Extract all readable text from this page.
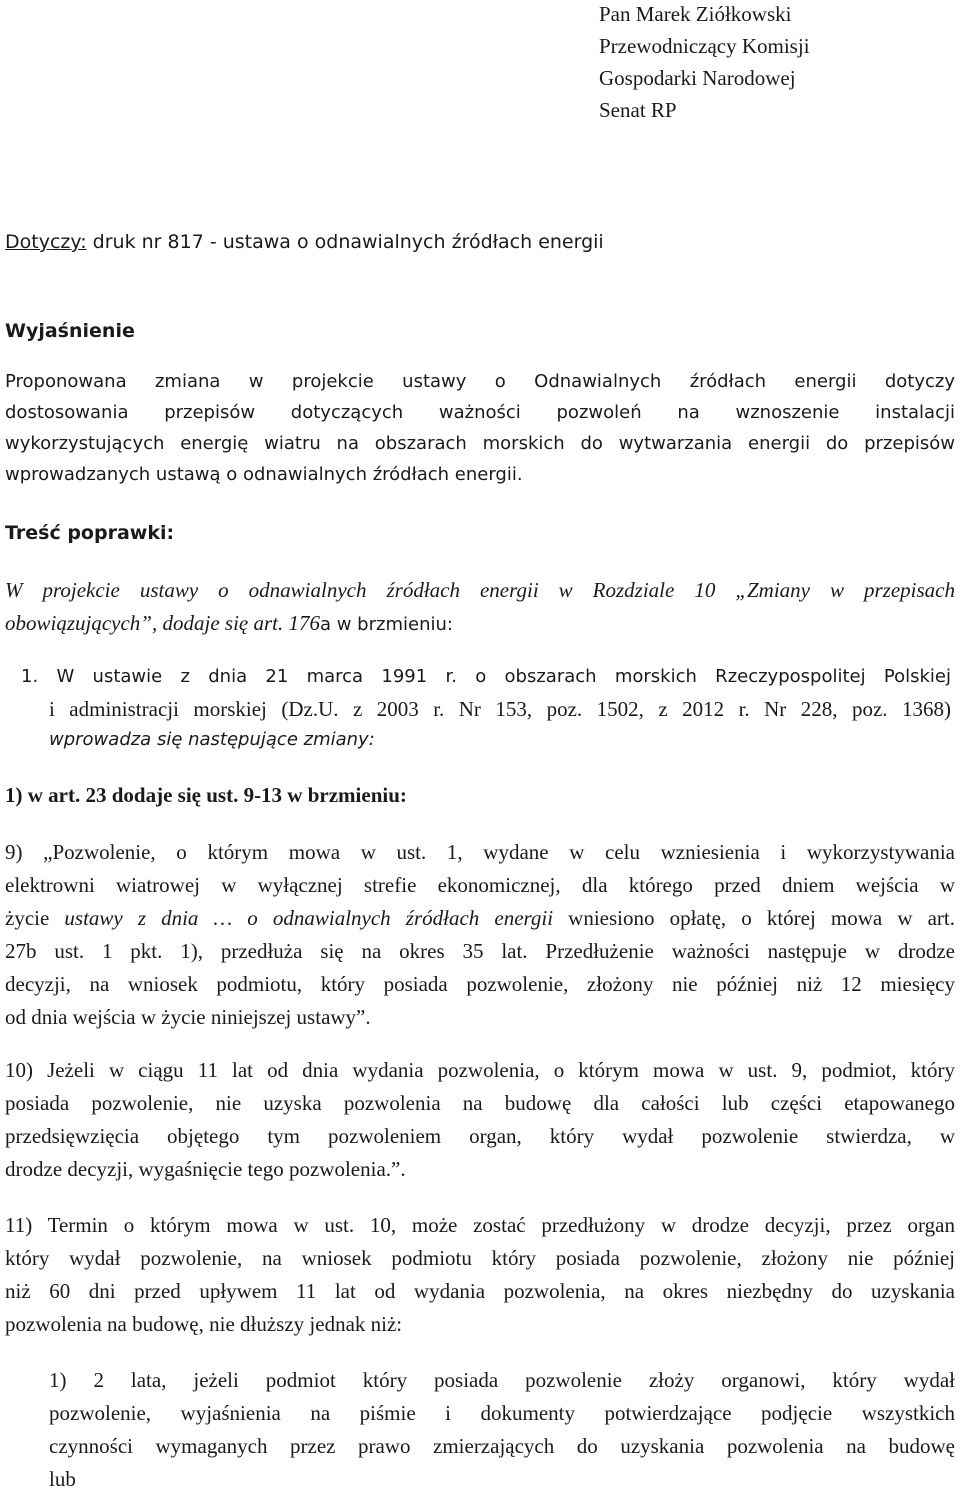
Pan Marek Ziółkowski
Przewodniczący Komisji
Gospodarki Narodowej
Senat RP
Dotyczy: druk nr 817 - ustawa o odnawialnych źródłach energii
Wyjaśnienie
Proponowana zmiana w projekcie ustawy o Odnawialnych źródłach energii dotyczy
dostosowania przepisów dotyczących ważności pozwoleń na wznoszenie instalacji
wykorzystujących energię wiatru na obszarach morskich do wytwarzania energii do przepisów
wprowadzanych ustawą o odnawialnych źródłach energii.
Treść poprawki:
W projekcie ustawy o odnawialnych źródłach energii w Rozdziale 10 „Zmiany w przepisach
obowiązujących”, dodaje się art. 176a w brzmieniu:
1. W ustawie z dnia 21 marca 1991 r. o obszarach morskich Rzeczypospolitej Polskiej
i administracji morskiej (Dz.U. z 2003 r. Nr 153, poz. 1502, z 2012 r. Nr 228, poz. 1368)
wprowadza się następujące zmiany:
1) w art. 23 dodaje się ust. 9-13 w brzmieniu:
9) „Pozwolenie, o którym mowa w ust. 1, wydane w celu wzniesienia i wykorzystywania
elektrowni wiatrowej w wyłącznej strefie ekonomicznej, dla którego przed dniem wejścia w
życie ustawy z dnia … o odnawialnych źródłach energii wniesiono opłatę, o której mowa w art.
27b ust. 1 pkt. 1), przedłuża się na okres 35 lat. Przedłużenie ważności następuje w drodze
decyzji, na wniosek podmiotu, który posiada pozwolenie, złożony nie później niż 12 miesięcy
od dnia wejścia w życie niniejszej ustawy”.
10) Jeżeli w ciągu 11 lat od dnia wydania pozwolenia, o którym mowa w ust. 9, podmiot, który
posiada pozwolenie, nie uzyska pozwolenia na budowę dla całości lub części etapowanego
przedsięwzięcia objętego tym pozwoleniem organ, który wydał pozwolenie stwierdza, w
drodze decyzji, wygaśnięcie tego pozwolenia.”.
11) Termin o którym mowa w ust. 10, może zostać przedłużony w drodze decyzji, przez organ
który wydał pozwolenie, na wniosek podmiotu który posiada pozwolenie, złożony nie później
niż 60 dni przed upływem 11 lat od wydania pozwolenia, na okres niezbędny do uzyskania
pozwolenia na budowę, nie dłuższy jednak niż:
1) 2 lata, jeżeli podmiot który posiada pozwolenie złoży organowi, który wydał
pozwolenie, wyjaśnienia na piśmie i dokumenty potwierdzające podjęcie wszystkich
czynności wymaganych przez prawo zmierzających do uzyskania pozwolenia na budowę
lub
